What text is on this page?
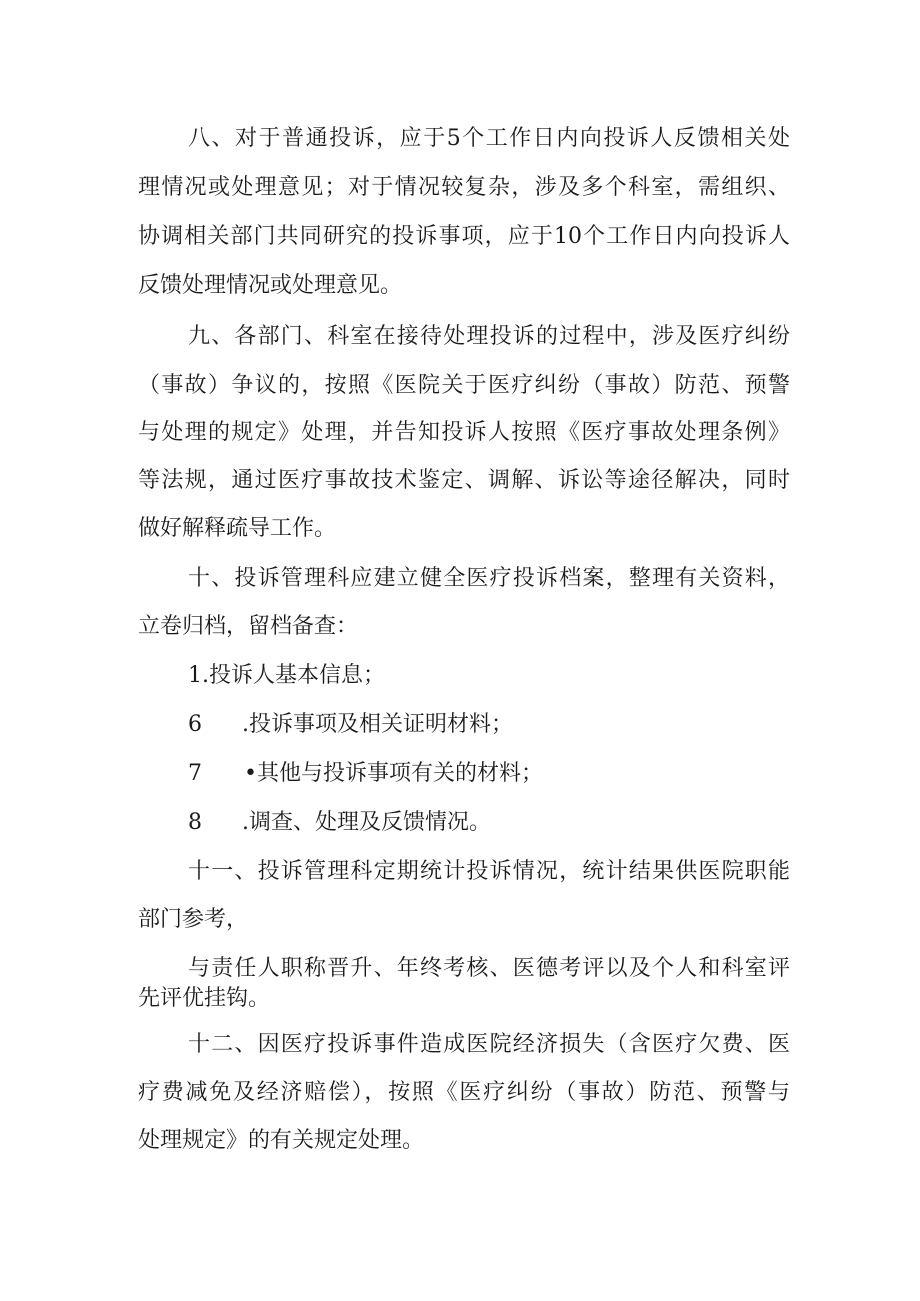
八、对于普通投诉，应于5个工作日内向投诉人反馈相关处
理情况或处理意见；对于情况较复杂，涉及多个科室，需组织、
协调相关部门共同研究的投诉事项，应于10个工作日内向投诉人
反馈处理情况或处理意见。
九、各部门、科室在接待处理投诉的过程中，涉及医疗纠纷
（事故）争议的，按照《医院关于医疗纠纷（事故）防范、预警
与处理的规定》处理，并告知投诉人按照《医疗事故处理条例》
等法规，通过医疗事故技术鉴定、调解、诉讼等途径解决，同时
做好解释疏导工作。
十、投诉管理科应建立健全医疗投诉档案，整理有关资料，
立卷归档，留档备查：
1.投诉人基本信息；
6	.投诉事项及相关证明材料；
7	•其他与投诉事项有关的材料；
8	.调查、处理及反馈情况。
十一、投诉管理科定期统计投诉情况，统计结果供医院职能
部门参考，
与责任人职称晋升、年终考核、医德考评以及个人和科室评
先评优挂钩。
十二、因医疗投诉事件造成医院经济损失（含医疗欠费、医
疗费减免及经济赔偿），按照《医疗纠纷（事故）防范、预警与
处理规定》的有关规定处理。
